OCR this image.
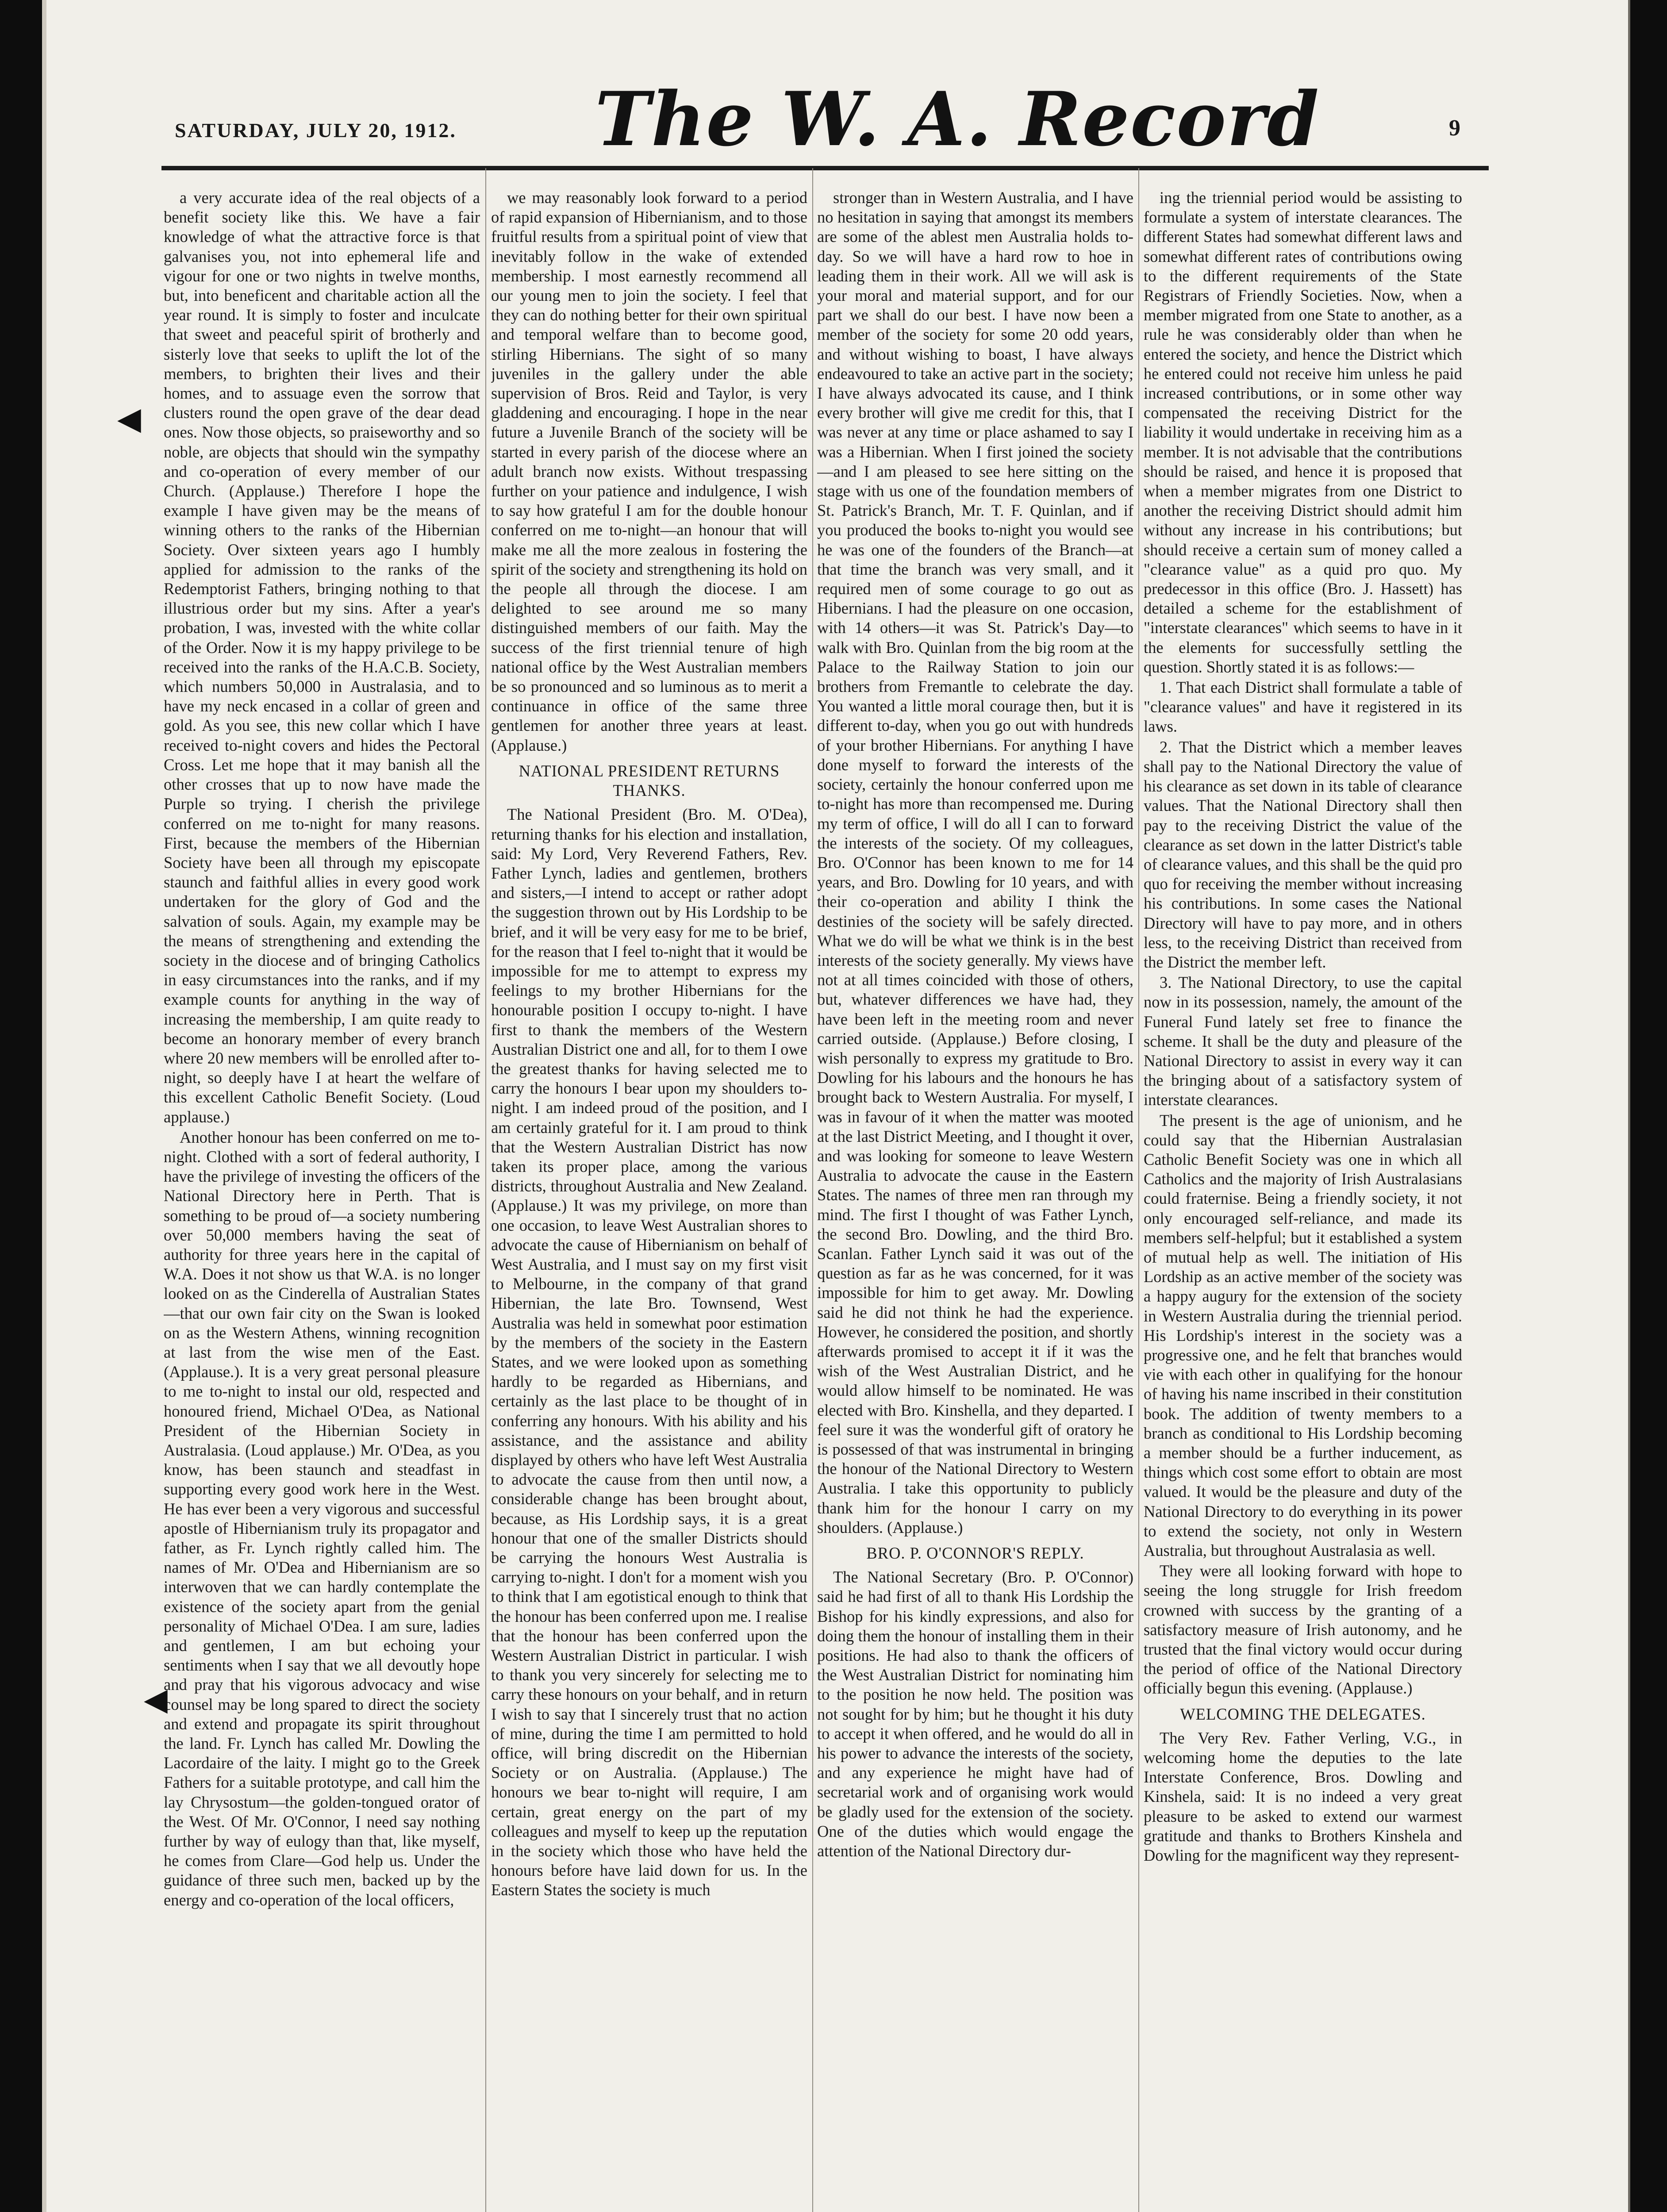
SATURDAY, JULY 20, 1912. The W. A. Record	9

a very accurate idea of the real objects of a benefit society like this. We have a fair knowledge of what the attractive force is that galvanises you, not into ephemeral life and vigour for one or two nights in twelve months, but, into beneficent and charitable action all the year round. It is simply to foster and inculcate that sweet and peaceful spirit of brotherly and sisterly love that seeks to uplift the lot of the members, to brighten their lives and their homes, and to assuage even the sorrow that clusters round the open grave of the dear dead ones. Now those objects, so praiseworthy and so noble, are objects that should win the sympathy and co-operation of every member of our Church. (Applause.) Therefore I hope the example I have given may be the means of winning others to the ranks of the Hibernian Society. Over sixteen years ago I humbly applied for admission to the ranks of the Redemptorist Fathers, bringing nothing to that illustrious order but my sins. After a year's probation, I was, invested with the white collar of the Order. Now it is my happy privilege to be received into the ranks of the H.A.C.B. Society, which numbers 50,000 in Australasia, and to have my neck encased in a collar of green and gold. As you see, this new collar which I have received to-night covers and hides the Pectoral Cross. Let me hope that it may banish all the other crosses that up to now have made the Purple so trying. I cherish the privilege conferred on me to-night for many reasons. First, because the members of the Hibernian Society have been all through my episcopate staunch and faithful allies in every good work undertaken for the glory of God and the salvation of souls. Again, my example may be the means of strengthening and extending the society in the diocese and of bringing Catholics in easy circumstances into the ranks, and if my example counts for anything in the way of increasing the membership, I am quite ready to become an honorary member of every branch where 20 new members will be enrolled after to-night, so deeply have I at heart the welfare of this excellent Catholic Benefit Society. (Loud applause.)

Another honour has been conferred on me to-night. Clothed with a sort of federal authority, I have the privilege of investing the officers of the National Directory here in Perth. That is something to be proud of—a society numbering over 50,000 members having the seat of authority for three years here in the capital of W.A. Does it not show us that W.A. is no longer looked on as the Cinderella of Australian States—that our own fair city on the Swan is looked on as the Western Athens, winning recognition at last from the wise men of the East. (Applause.). It is a very great personal pleasure to me to-night to instal our old, respected and honoured friend, Michael O'Dea, as National President of the Hibernian Society in Australasia. (Loud applause.) Mr. O'Dea, as you know, has been staunch and steadfast in supporting every good work here in the West. He has ever been a very vigorous and successful apostle of Hibernianism truly its propagator and father, as Fr. Lynch rightly called him. The names of Mr. O'Dea and Hibernianism are so interwoven that we can hardly contemplate the existence of the society apart from the genial personality of Michael O'Dea. I am sure, ladies and gentlemen, I am but echoing your sentiments when I say that we all devoutly hope and pray that his vigorous advocacy and wise counsel may be long spared to direct the society and extend and propagate its spirit throughout the land. Fr. Lynch has called Mr. Dowling the Lacordaire of the laity. I might go to the Greek Fathers for a suitable prototype, and call him the lay Chrysostum—the golden-tongued orator of the West. Of Mr. O'Connor, I need say nothing further by way of eulogy than that, like myself, he comes from Clare—God help us. Under the guidance of three such men, backed up by the energy and co-operation of the local officers,

we may reasonably look forward to a period of rapid expansion of Hibernianism, and to those fruitful results from a spiritual point of view that inevitably follow in the wake of extended membership. I most earnestly recommend all our young men to join the society. I feel that they can do nothing better for their own spiritual and temporal welfare than to become good, stirling Hibernians. The sight of so many juveniles in the gallery under the able supervision of Bros. Reid and Taylor, is very gladdening and encouraging. I hope in the near future a Juvenile Branch of the society will be started in every parish of the diocese where an adult branch now exists. Without trespassing further on your patience and indulgence, I wish to say how grateful I am for the double honour conferred on me to-night—an honour that will make me all the more zealous in fostering the spirit of the society and strengthening its hold on the people all through the diocese. I am delighted to see around me so many distinguished members of our faith. May the success of the first triennial tenure of high national office by the West Australian members be so pronounced and so luminous as to merit a continuance in office of the same three gentlemen for another three years at least. (Applause.)

NATIONAL PRESIDENT RETURNS THANKS.

The National President (Bro. M. O'Dea), returning thanks for his election and installation, said: My Lord, Very Reverend Fathers, Rev. Father Lynch, ladies and gentlemen, brothers and sisters,—I intend to accept or rather adopt the suggestion thrown out by His Lordship to be brief, and it will be very easy for me to be brief, for the reason that I feel to-night that it would be impossible for me to attempt to express my feelings to my brother Hibernians for the honourable position I occupy to-night. I have first to thank the members of the Western Australian District one and all, for to them I owe the greatest thanks for having selected me to carry the honours I bear upon my shoulders to-night. I am indeed proud of the position, and I am certainly grateful for it. I am proud to think that the Western Australian District has now taken its proper place, among the various districts, throughout Australia and New Zealand. (Applause.) It was my privilege, on more than one occasion, to leave West Australian shores to advocate the cause of Hibernianism on behalf of West Australia, and I must say on my first visit to Melbourne, in the company of that grand Hibernian, the late Bro. Townsend, West Australia was held in somewhat poor estimation by the members of the society in the Eastern States, and we were looked upon as something hardly to be regarded as Hibernians, and certainly as the last place to be thought of in conferring any honours. With his ability and his assistance, and the assistance and ability displayed by others who have left West Australia to advocate the cause from then until now, a considerable change has been brought about, because, as His Lordship says, it is a great honour that one of the smaller Districts should be carrying the honours West Australia is carrying to-night. I don't for a moment wish you to think that I am egotistical enough to think that the honour has been conferred upon me. I realise that the honour has been conferred upon the Western Australian District in particular. I wish to thank you very sincerely for selecting me to carry these honours on your behalf, and in return I wish to say that I sincerely trust that no action of mine, during the time I am permitted to hold office, will bring discredit on the Hibernian Society or on Australia. (Applause.) The honours we bear to-night will require, I am certain, great energy on the part of my colleagues and myself to keep up the reputation in the society which those who have held the honours before have laid down for us. In the Eastern States the society is much

stronger than in Western Australia, and I have no hesitation in saying that amongst its members are some of the ablest men Australia holds to-day. So we will have a hard row to hoe in leading them in their work. All we will ask is your moral and material support, and for our part we shall do our best. I have now been a member of the society for some 20 odd years, and without wishing to boast, I have always endeavoured to take an active part in the society; I have always advocated its cause, and I think every brother will give me credit for this, that I was never at any time or place ashamed to say I was a Hibernian. When I first joined the society—and I am pleased to see here sitting on the stage with us one of the foundation members of St. Patrick's Branch, Mr. T. F. Quinlan, and if you produced the books to-night you would see he was one of the founders of the Branch—at that time the branch was very small, and it required men of some courage to go out as Hibernians. I had the pleasure on one occasion, with 14 others—it was St. Patrick's Day—to walk with Bro. Quinlan from the big room at the Palace to the Railway Station to join our brothers from Fremantle to celebrate the day. You wanted a little moral courage then, but it is different to-day, when you go out with hundreds of your brother Hibernians. For anything I have done myself to forward the interests of the society, certainly the honour conferred upon me to-night has more than recompensed me. During my term of office, I will do all I can to forward the interests of the society. Of my colleagues, Bro. O'Connor has been known to me for 14 years, and Bro. Dowling for 10 years, and with their co-operation and ability I think the destinies of the society will be safely directed. What we do will be what we think is in the best interests of the society generally. My views have not at all times coincided with those of others, but, whatever differences we have had, they have been left in the meeting room and never carried outside. (Applause.) Before closing, I wish personally to express my gratitude to Bro. Dowling for his labours and the honours he has brought back to Western Australia. For myself, I was in favour of it when the matter was mooted at the last District Meeting, and I thought it over, and was looking for someone to leave Western Australia to advocate the cause in the Eastern States. The names of three men ran through my mind. The first I thought of was Father Lynch, the second Bro. Dowling, and the third Bro. Scanlan. Father Lynch said it was out of the question as far as he was concerned, for it was impossible for him to get away. Mr. Dowling said he did not think he had the experience. However, he considered the position, and shortly afterwards promised to accept it if it was the wish of the West Australian District, and he would allow himself to be nominated. He was elected with Bro. Kinshella, and they departed. I feel sure it was the wonderful gift of oratory he is possessed of that was instrumental in bringing the honour of the National Directory to Western Australia. I take this opportunity to publicly thank him for the honour I carry on my shoulders. (Applause.)

BRO. P. O'CONNOR'S REPLY.

The National Secretary (Bro. P. O'Connor) said he had first of all to thank His Lordship the Bishop for his kindly expressions, and also for doing them the honour of installing them in their positions. He had also to thank the officers of the West Australian District for nominating him to the position he now held. The position was not sought for by him; but he thought it his duty to accept it when offered, and he would do all in his power to advance the interests of the society, and any experience he might have had of secretarial work and of organising work would be gladly used for the extension of the society. One of the duties which would engage the attention of the National Directory dur-

ing the triennial period would be assisting to formulate a system of interstate clearances. The different States had somewhat different laws and somewhat different rates of contributions owing to the different requirements of the State Registrars of Friendly Societies. Now, when a member migrated from one State to another, as a rule he was considerably older than when he entered the society, and hence the District which he entered could not receive him unless he paid increased contributions, or in some other way compensated the receiving District for the liability it would undertake in receiving him as a member. It is not advisable that the contributions should be raised, and hence it is proposed that when a member migrates from one District to another the receiving District should admit him without any increase in his contributions; but should receive a certain sum of money called a "clearance value" as a quid pro quo. My predecessor in this office (Bro. J. Hassett) has detailed a scheme for the establishment of "interstate clearances" which seems to have in it the elements for successfully settling the question. Shortly stated it is as follows:—

1. That each District shall formulate a table of "clearance values" and have it registered in its laws.

2. That the District which a member leaves shall pay to the National Directory the value of his clearance as set down in its table of clearance values. That the National Directory shall then pay to the receiving District the value of the clearance as set down in the latter District's table of clearance values, and this shall be the quid pro quo for receiving the member without increasing his contributions. In some cases the National Directory will have to pay more, and in others less, to the receiving District than received from the District the member left.

3. The National Directory, to use the capital now in its possession, namely, the amount of the Funeral Fund lately set free to finance the scheme. It shall be the duty and pleasure of the National Directory to assist in every way it can the bringing about of a satisfactory system of interstate clearances.

The present is the age of unionism, and he could say that the Hibernian Australasian Catholic Benefit Society was one in which all Catholics and the majority of Irish Australasians could fraternise. Being a friendly society, it not only encouraged self-reliance, and made its members self-helpful; but it established a system of mutual help as well. The initiation of His Lordship as an active member of the society was a happy augury for the extension of the society in Western Australia during the triennial period. His Lordship's interest in the society was a progressive one, and he felt that branches would vie with each other in qualifying for the honour of having his name inscribed in their constitution book. The addition of twenty members to a branch as conditional to His Lordship becoming a member should be a further inducement, as things which cost some effort to obtain are most valued. It would be the pleasure and duty of the National Directory to do everything in its power to extend the society, not only in Western Australia, but throughout Australasia as well.

They were all looking forward with hope to seeing the long struggle for Irish freedom crowned with success by the granting of a satisfactory measure of Irish autonomy, and he trusted that the final victory would occur during the period of office of the National Directory officially begun this evening. (Applause.)

WELCOMING THE DELEGATES.

The Very Rev. Father Verling, V.G., in welcoming home the deputies to the late Interstate Conference, Bros. Dowling and Kinshela, said: It is no indeed a very great pleasure to be asked to extend our warmest gratitude and thanks to Brothers Kinshela and Dowling for the magnificent way they represent-

◀
◀
